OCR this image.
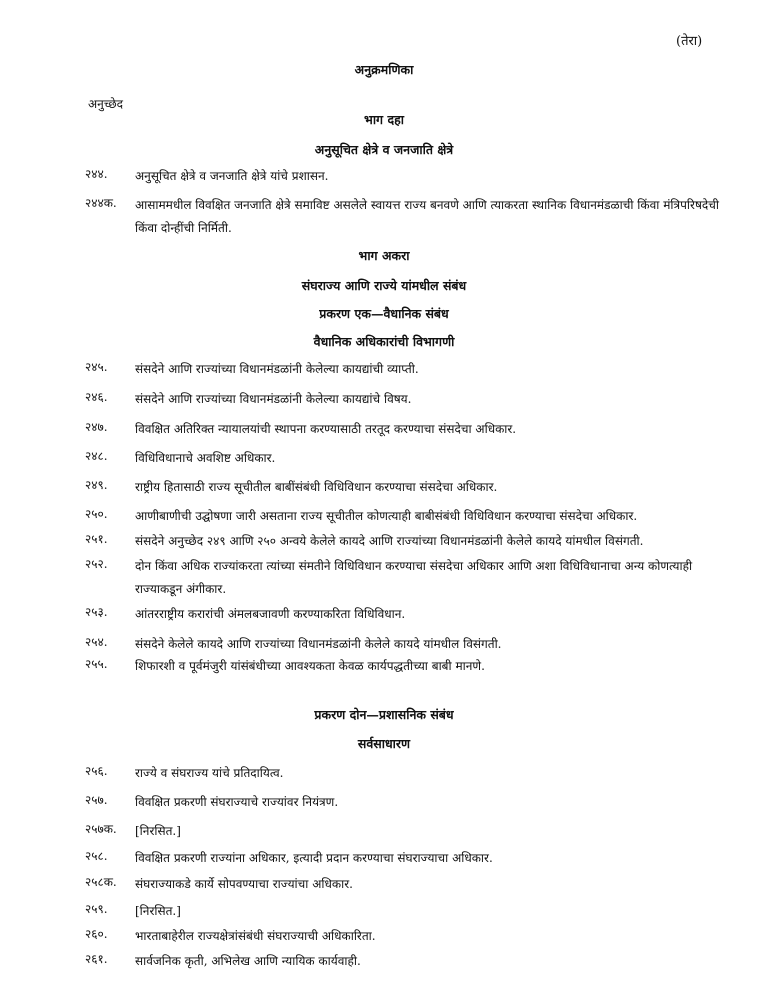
(तेरा)
अनुक्रमणिका
अनुच्छेद
भाग दहा
अनुसूचित क्षेत्रे व जनजाति क्षेत्रे
२४४. अनुसूचित क्षेत्रे व जनजाति क्षेत्रे यांचे प्रशासन.
२४४क. आसाममधील विवक्षित जनजाति क्षेत्रे समाविष्ट असलेले स्वायत्त राज्य बनवणे आणि त्याकरता स्थानिक विधानमंडळाची किंवा मंत्रिपरिषदेची किंवा दोन्हींची निर्मिती.
भाग अकरा
संघराज्य आणि राज्ये यांमधील संबंध
प्रकरण एक—वैधानिक संबंध
वैधानिक अधिकारांची विभागणी
२४५. संसदेने आणि राज्यांच्या विधानमंडळांनी केलेल्या कायद्यांची व्याप्ती.
२४६. संसदेने आणि राज्यांच्या विधानमंडळांनी केलेल्या कायद्यांचे विषय.
२४७. विवक्षित अतिरिक्त न्यायालयांची स्थापना करण्यासाठी तरतूद करण्याचा संसदेचा अधिकार.
२४८. विधिविधानाचे अवशिष्ट अधिकार.
२४९. राष्ट्रीय हितासाठी राज्य सूचीतील बाबींसंबंधी विधिविधान करण्याचा संसदेचा अधिकार.
२५०. आणीबाणीची उद्घोषणा जारी असताना राज्य सूचीतील कोणत्याही बाबीसंबंधी विधिविधान करण्याचा संसदेचा अधिकार.
२५१. संसदेने अनुच्छेद २४९ आणि २५० अन्वये केलेले कायदे आणि राज्यांच्या विधानमंडळांनी केलेले कायदे यांमधील विसंगती.
२५२. दोन किंवा अधिक राज्यांकरता त्यांच्या संमतीने विधिविधान करण्याचा संसदेचा अधिकार आणि अशा विधिविधानाचा अन्य कोणत्याही राज्याकडून अंगीकार.
२५३. आंतरराष्ट्रीय करारांची अंमलबजावणी करण्याकरिता विधिविधान.
२५४. संसदेने केलेले कायदे आणि राज्यांच्या विधानमंडळांनी केलेले कायदे यांमधील विसंगती.
२५५. शिफारशी व पूर्वमंजुरी यांसंबंधीच्या आवश्यकता केवळ कार्यपद्धतीच्या बाबी मानणे.
प्रकरण दोन—प्रशासनिक संबंध
सर्वसाधारण
२५६. राज्ये व संघराज्य यांचे प्रतिदायित्व.
२५७. विवक्षित प्रकरणी संघराज्याचे राज्यांवर नियंत्रण.
२५७क. [निरसित.]
२५८. विवक्षित प्रकरणी राज्यांना अधिकार, इत्यादी प्रदान करण्याचा संघराज्याचा अधिकार.
२५८क. संघराज्याकडे कार्ये सोपवण्याचा राज्यांचा अधिकार.
२५९. [निरसित.]
२६०. भारताबाहेरील राज्यक्षेत्रांसंबंधी संघराज्याची अधिकारिता.
२६१. सार्वजनिक कृती, अभिलेख आणि न्यायिक कार्यवाही.
